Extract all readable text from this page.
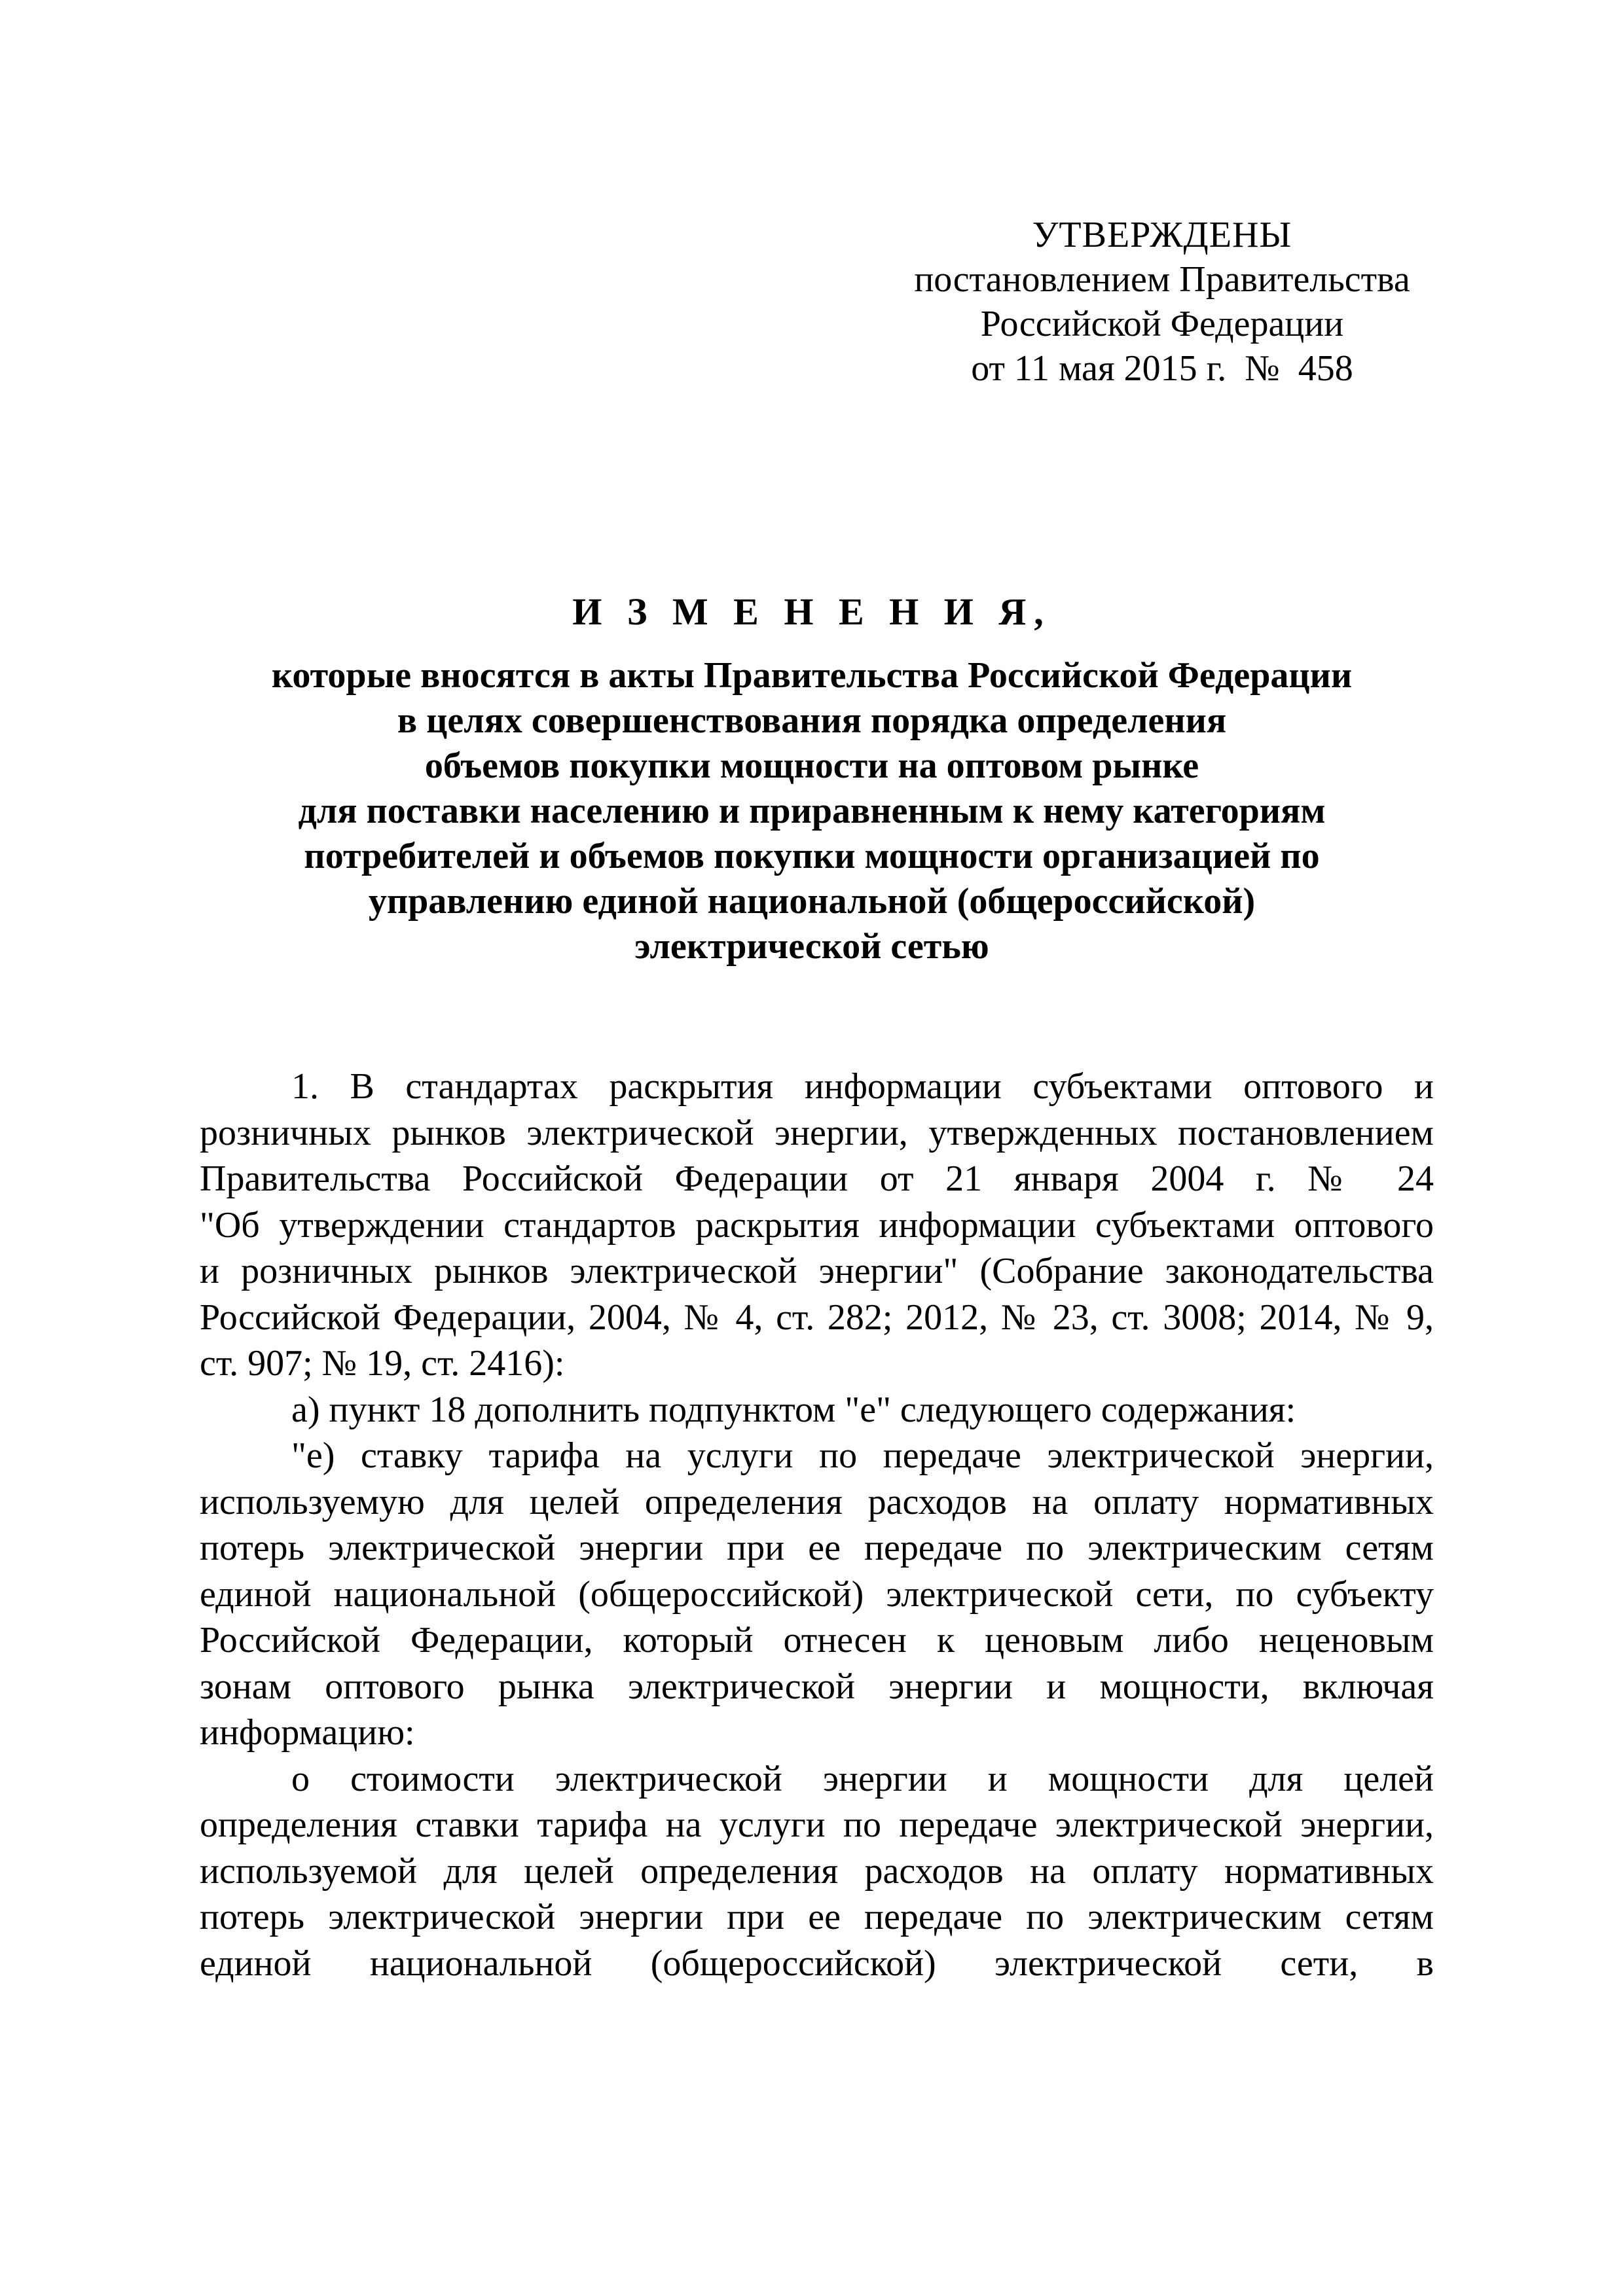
УТВЕРЖДЕНЫ
постановлением Правительства
Российской Федерации
от 11 мая 2015 г.  №  458
И З М Е Н Е Н И Я,
которые вносятся в акты Правительства Российской Федерации
в целях совершенствования порядка определения
объемов покупки мощности на оптовом рынке
для поставки населению и приравненным к нему категориям
потребителей и объемов покупки мощности организацией по
управлению единой национальной (общероссийской)
электрической сетью

1. В стандартах раскрытия информации субъектами оптового и
розничных рынков электрической энергии, утвержденных постановлением
Правительства Российской Федерации от 21 января 2004 г. № 24
"Об утверждении стандартов раскрытия информации субъектами оптового
и розничных рынков электрической энергии" (Собрание законодательства
Российской Федерации, 2004, № 4, ст. 282; 2012, № 23, ст. 3008; 2014, № 9,
ст. 907; № 19, ст. 2416):

а) пункт 18 дополнить подпунктом "е" следующего содержания:

"е) ставку тарифа на услуги по передаче электрической энергии,
используемую для целей определения расходов на оплату нормативных
потерь электрической энергии при ее передаче по электрическим сетям
единой национальной (общероссийской) электрической сети, по субъекту
Российской Федерации, который отнесен к ценовым либо неценовым
зонам оптового рынка электрической энергии и мощности, включая
информацию:

о стоимости электрической энергии и мощности для целей
определения ставки тарифа на услуги по передаче электрической энергии,
используемой для целей определения расходов на оплату нормативных
потерь электрической энергии при ее передаче по электрическим сетям
единой национальной (общероссийской) электрической сети, в
